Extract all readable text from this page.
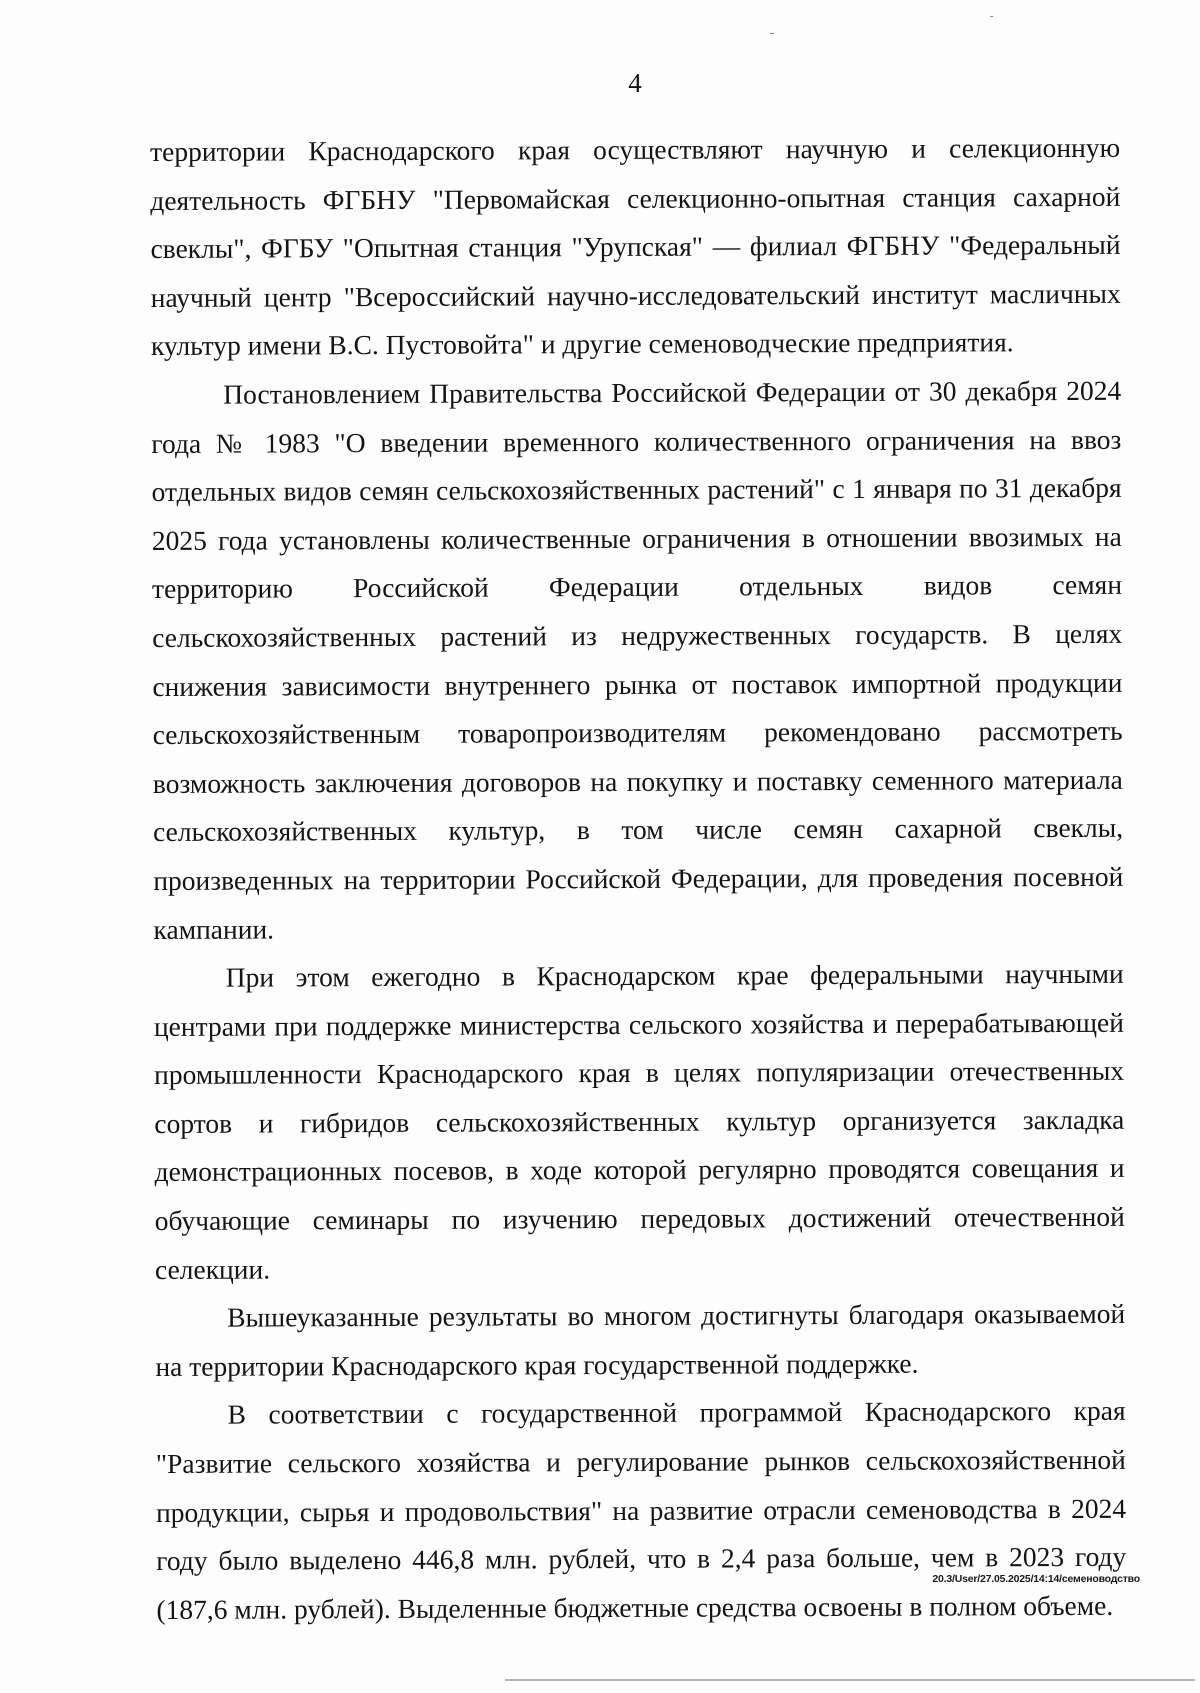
4

территории Краснодарского края осуществляют научную и селекционную деятельность ФГБНУ "Первомайская селекционно-опытная станция сахарной свеклы", ФГБУ "Опытная станция "Урупская" — филиал ФГБНУ "Федеральный научный центр "Всероссийский научно-исследовательский институт масличных культур имени В.С. Пустовойта" и другие семеноводческие предприятия.

Постановлением Правительства Российской Федерации от 30 декабря 2024 года № 1983 "О введении временного количественного ограничения на ввоз отдельных видов семян сельскохозяйственных растений" с 1 января по 31 декабря 2025 года установлены количественные ограничения в отношении ввозимых на территорию Российской Федерации отдельных видов семян сельскохозяйственных растений из недружественных государств. В целях снижения зависимости внутреннего рынка от поставок импортной продукции сельскохозяйственным товаропроизводителям рекомендовано рассмотреть возможность заключения договоров на покупку и поставку семенного материала сельскохозяйственных культур, в том числе семян сахарной свеклы, произведенных на территории Российской Федерации, для проведения посевной кампании.

При этом ежегодно в Краснодарском крае федеральными научными центрами при поддержке министерства сельского хозяйства и перерабатывающей промышленности Краснодарского края в целях популяризации отечественных сортов и гибридов сельскохозяйственных культур организуется закладка демонстрационных посевов, в ходе которой регулярно проводятся совещания и обучающие семинары по изучению передовых достижений отечественной селекции.

Вышеуказанные результаты во многом достигнуты благодаря оказываемой на территории Краснодарского края государственной поддержке.

В соответствии с государственной программой Краснодарского края "Развитие сельского хозяйства и регулирование рынков сельскохозяйственной продукции, сырья и продовольствия" на развитие отрасли семеноводства в 2024 году было выделено 446,8 млн. рублей, что в 2,4 раза больше, чем в 2023 году (187,6 млн. рублей). Выделенные бюджетные средства освоены в полном объеме.

20.3/User/27.05.2025/14:14/семеноводство
